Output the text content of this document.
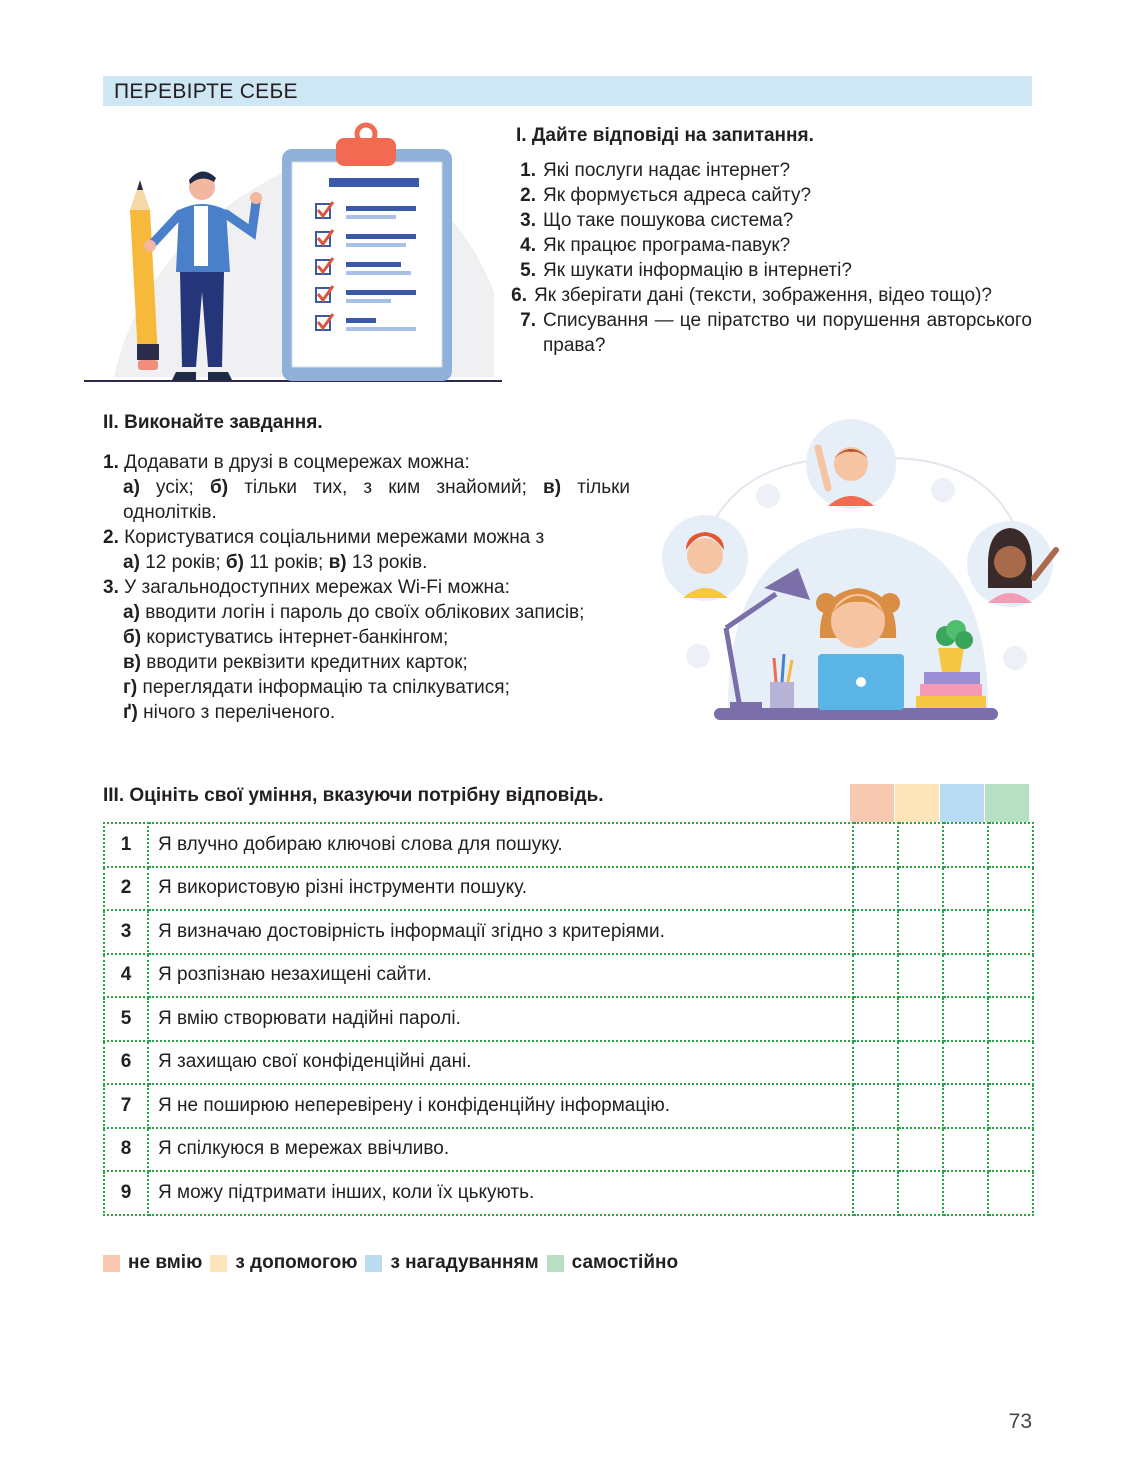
ПЕРЕВІРТЕ СЕБЕ
І. Дайте відповіді на запитання.
1. Які послуги надає інтернет?
2. Як формується адреса сайту?
3. Що таке пошукова система?
4. Як працює програма-павук?
5. Як шукати інформацію в інтернеті?
6. Як зберігати дані (тексти, зображення, відео тощо)?
7. Списування — це піратство чи порушення авторського права?
ІІ. Виконайте завдання.

1. Додавати в друзі в соцмережах можна:

а) усіх; б) тільки тих, з ким знайомий; в) тільки однолітків.

2. Користуватися соціальними мережами можна з

а) 12 років; б) 11 років; в) 13 років.

3. У загальнодоступних мережах Wi-Fi можна:

а) вводити логін і пароль до своїх облікових записів;

б) користуватись інтернет-банкінгом;

в) вводити реквізити кредитних карток;

г) переглядати інформацію та спілкуватися;

ґ) нічого з переліченого.

ІІІ. Оцініть свої уміння, вказуючи потрібну відповідь.
1	Я влучно добираю ключові слова для пошуку.				
2	Я використовую різні інструменти пошуку.				
3	Я визначаю достовірність інформації згідно з критеріями.				
4	Я розпізнаю незахищені сайти.				
5	Я вмію створювати надійні паролі.				
6	Я захищаю свої конфіденційні дані.				
7	Я не поширюю неперевірену і конфіденційну інформацію.				
8	Я спілкуюся в мережах ввічливо.				
9	Я можу підтримати інших, коли їх цькують.				
не вмію з допомогою з нагадуванням самостійно
73
